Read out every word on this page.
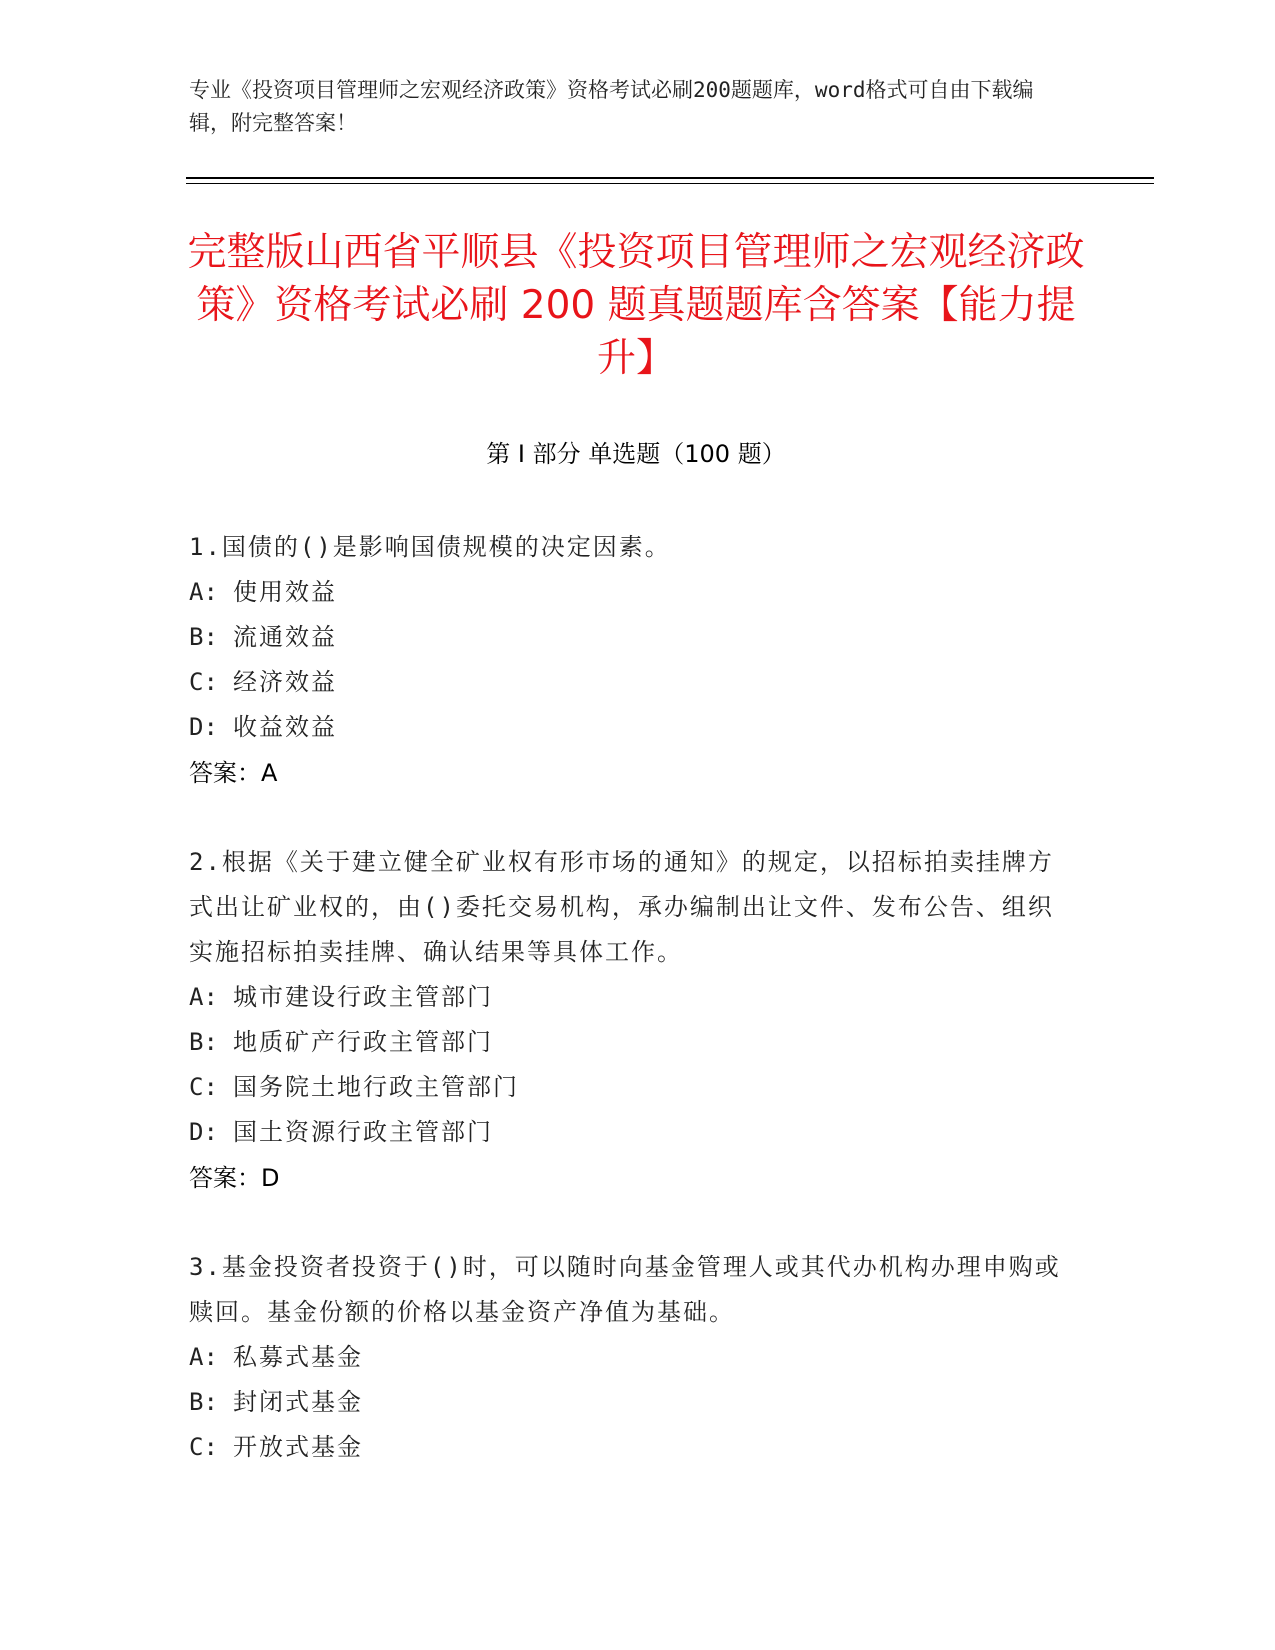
专业《投资项目管理师之宏观经济政策》资格考试必刷200题题库，word格式可自由下载编辑，附完整答案！
完整版山西省平顺县《投资项目管理师之宏观经济政策》资格考试必刷 200 题真题题库含答案【能力提升】
第 I 部分 单选题（100 题）
1.国债的()是影响国债规模的决定因素。
A: 使用效益
B: 流通效益
C: 经济效益
D: 收益效益
答案：A
2.根据《关于建立健全矿业权有形市场的通知》的规定，以招标拍卖挂牌方式出让矿业权的，由()委托交易机构，承办编制出让文件、发布公告、组织实施招标拍卖挂牌、确认结果等具体工作。
A: 城市建设行政主管部门
B: 地质矿产行政主管部门
C: 国务院土地行政主管部门
D: 国土资源行政主管部门
答案：D
3.基金投资者投资于()时，可以随时向基金管理人或其代办机构办理申购或赎回。基金份额的价格以基金资产净值为基础。
A: 私募式基金
B: 封闭式基金
C: 开放式基金
